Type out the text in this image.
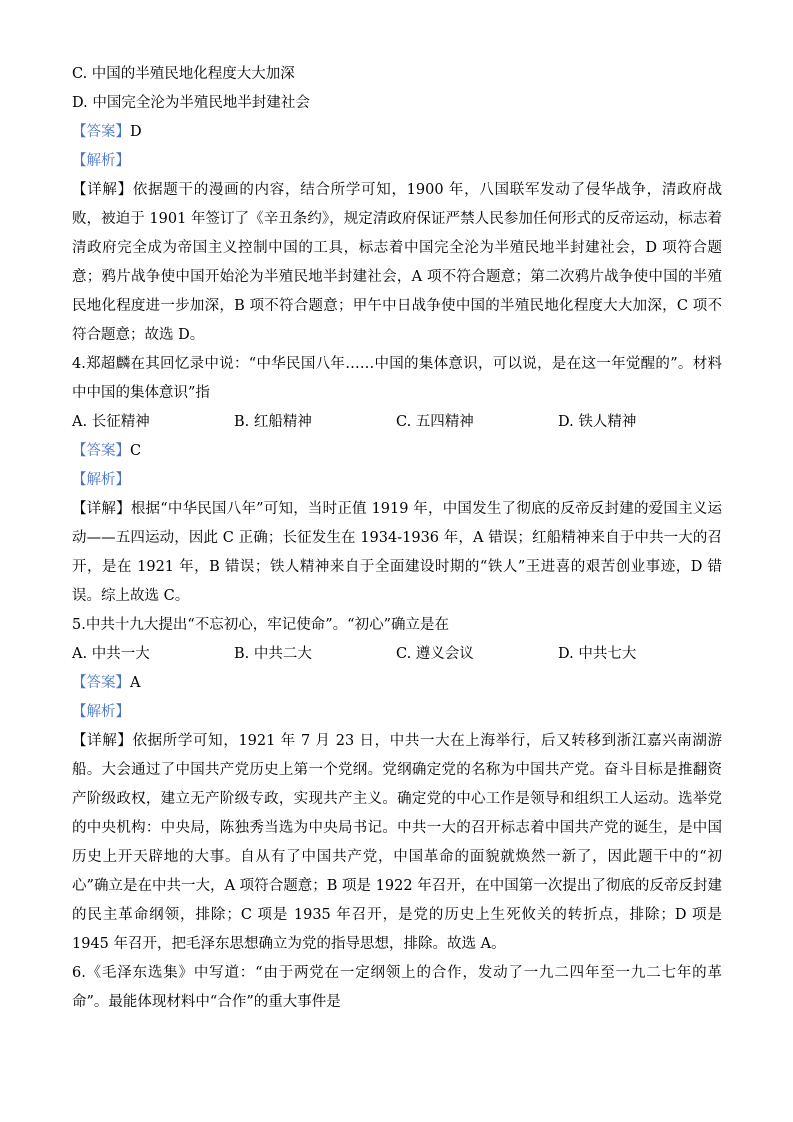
C. 中国的半殖民地化程度大大加深
D. 中国完全沦为半殖民地半封建社会
【答案】D
【解析】
【详解】依据题干的漫画的内容，结合所学可知，1900 年，八国联军发动了侵华战争，清政府战败，被迫于 1901 年签订了《辛丑条约》，规定清政府保证严禁人民参加任何形式的反帝运动，标志着清政府完全成为帝国主义控制中国的工具，标志着中国完全沦为半殖民地半封建社会，D 项符合题意；鸦片战争使中国开始沦为半殖民地半封建社会，A 项不符合题意；第二次鸦片战争使中国的半殖民地化程度进一步加深，B 项不符合题意；甲午中日战争使中国的半殖民地化程度大大加深，C 项不符合题意；故选 D。
4.郑超麟在其回忆录中说：“中华民国八年……中国的集体意识，可以说，是在这一年觉醒的”。材料中中国的集体意识”指
A. 长征精神	B. 红船精神	C. 五四精神	D. 铁人精神
【答案】C
【解析】
【详解】根据“中华民国八年”可知，当时正值 1919 年，中国发生了彻底的反帝反封建的爱国主义运动——五四运动，因此 C 正确；长征发生在 1934-1936 年，A 错误；红船精神来自于中共一大的召开，是在 1921 年，B 错误；铁人精神来自于全面建设时期的“铁人”王进喜的艰苦创业事迹，D 错误。综上故选 C。
5.中共十九大提出“不忘初心，牢记使命”。“初心”确立是在
A. 中共一大	B. 中共二大	C. 遵义会议	D. 中共七大
【答案】A
【解析】
【详解】依据所学可知，1921 年 7 月 23 日，中共一大在上海举行，后又转移到浙江嘉兴南湖游船。大会通过了中国共产党历史上第一个党纲。党纲确定党的名称为中国共产党。奋斗目标是推翻资产阶级政权，建立无产阶级专政，实现共产主义。确定党的中心工作是领导和组织工人运动。选举党的中央机构：中央局，陈独秀当选为中央局书记。中共一大的召开标志着中国共产党的诞生，是中国历史上开天辟地的大事。自从有了中国共产党，中国革命的面貌就焕然一新了，因此题干中的“初心”确立是在中共一大，A 项符合题意；B 项是 1922 年召开，在中国第一次提出了彻底的反帝反封建的民主革命纲领，排除；C 项是 1935 年召开，是党的历史上生死攸关的转折点，排除；D 项是 1945 年召开，把毛泽东思想确立为党的指导思想，排除。故选 A。
6.《毛泽东选集》中写道：“由于两党在一定纲领上的合作，发动了一九二四年至一九二七年的革命”。最能体现材料中“合作”的重大事件是
